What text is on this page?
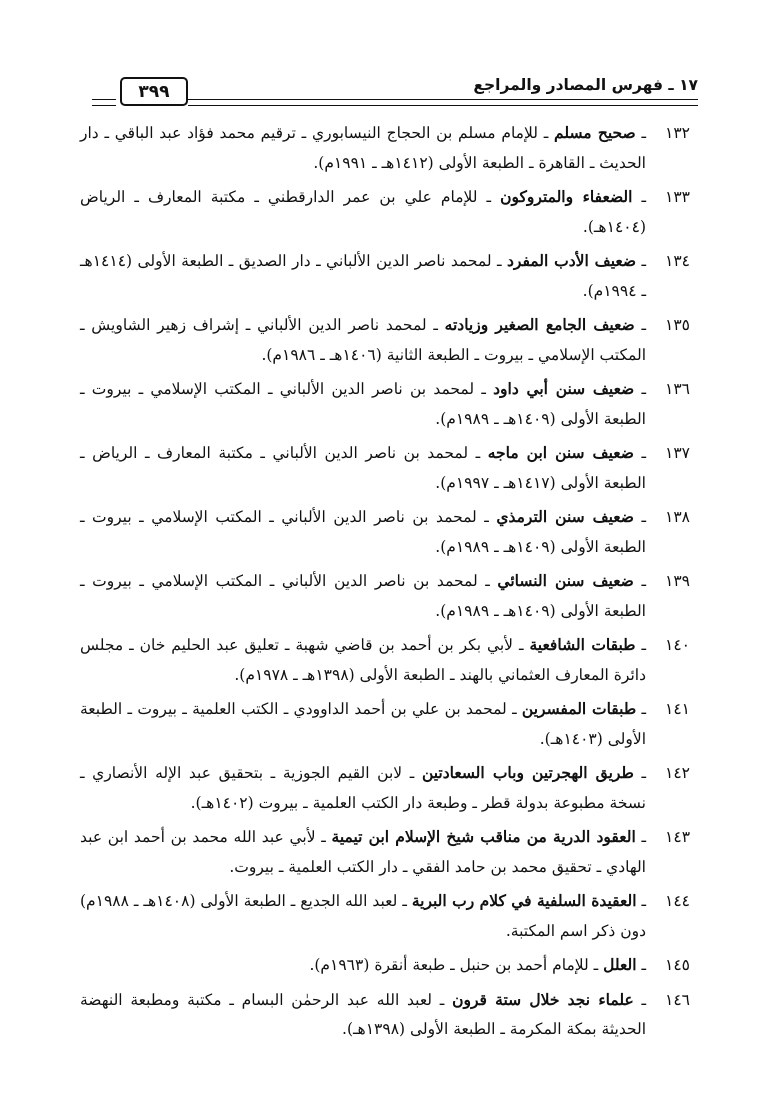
١٧ ـ فهرس المصادر والمراجع
٣٩٩

١٣٢ـ صحيح مسلم ـ للإمام مسلم بن الحجاج النيسابوري ـ ترقيم محمد فؤاد عبد الباقي ـ دار الحديث ـ القاهرة ـ الطبعة الأولى (١٤١٢هـ ـ ١٩٩١م).

١٣٣ـ الضعفاء والمتروكون ـ للإمام علي بن عمر الدارقطني ـ مكتبة المعارف ـ الرياض (١٤٠٤هـ).

١٣٤ـ ضعيف الأدب المفرد ـ لمحمد ناصر الدين الألباني ـ دار الصديق ـ الطبعة الأولى (١٤١٤هـ ـ ١٩٩٤م).

١٣٥ـ ضعيف الجامع الصغير وزيادته ـ لمحمد ناصر الدين الألباني ـ إشراف زهير الشاويش ـ المكتب الإسلامي ـ بيروت ـ الطبعة الثانية (١٤٠٦هـ ـ ١٩٨٦م).

١٣٦ـ ضعيف سنن أبي داود ـ لمحمد بن ناصر الدين الألباني ـ المكتب الإسلامي ـ بيروت ـ الطبعة الأولى (١٤٠٩هـ ـ ١٩٨٩م).

١٣٧ـ ضعيف سنن ابن ماجه ـ لمحمد بن ناصر الدين الألباني ـ مكتبة المعارف ـ الرياض ـ الطبعة الأولى (١٤١٧هـ ـ ١٩٩٧م).

١٣٨ـ ضعيف سنن الترمذي ـ لمحمد بن ناصر الدين الألباني ـ المكتب الإسلامي ـ بيروت ـ الطبعة الأولى (١٤٠٩هـ ـ ١٩٨٩م).

١٣٩ـ ضعيف سنن النسائي ـ لمحمد بن ناصر الدين الألباني ـ المكتب الإسلامي ـ بيروت ـ الطبعة الأولى (١٤٠٩هـ ـ ١٩٨٩م).

١٤٠ـ طبقات الشافعية ـ لأبي بكر بن أحمد بن قاضي شهبة ـ تعليق عبد الحليم خان ـ مجلس دائرة المعارف العثماني بالهند ـ الطبعة الأولى (١٣٩٨هـ ـ ١٩٧٨م).

١٤١ـ طبقات المفسرين ـ لمحمد بن علي بن أحمد الداوودي ـ الكتب العلمية ـ بيروت ـ الطبعة الأولى (١٤٠٣هـ).

١٤٢ـ طريق الهجرتين وباب السعادتين ـ لابن القيم الجوزية ـ بتحقيق عبد الإله الأنصاري ـ نسخة مطبوعة بدولة قطر ـ وطبعة دار الكتب العلمية ـ بيروت (١٤٠٢هـ).

١٤٣ـ العقود الدرية من مناقب شيخ الإسلام ابن تيمية ـ لأبي عبد الله محمد بن أحمد ابن عبد الهادي ـ تحقيق محمد بن حامد الفقي ـ دار الكتب العلمية ـ بيروت.

١٤٤ـ العقيدة السلفية في كلام رب البرية ـ لعبد الله الجديع ـ الطبعة الأولى (١٤٠٨هـ ـ ١٩٨٨م) دون ذكر اسم المكتبة.

١٤٥ـ العلل ـ للإمام أحمد بن حنبل ـ طبعة أنقرة (١٩٦٣م).

١٤٦ـ علماء نجد خلال ستة قرون ـ لعبد الله عبد الرحمٰن البسام ـ مكتبة ومطبعة النهضة الحديثة بمكة المكرمة ـ الطبعة الأولى (١٣٩٨هـ).
